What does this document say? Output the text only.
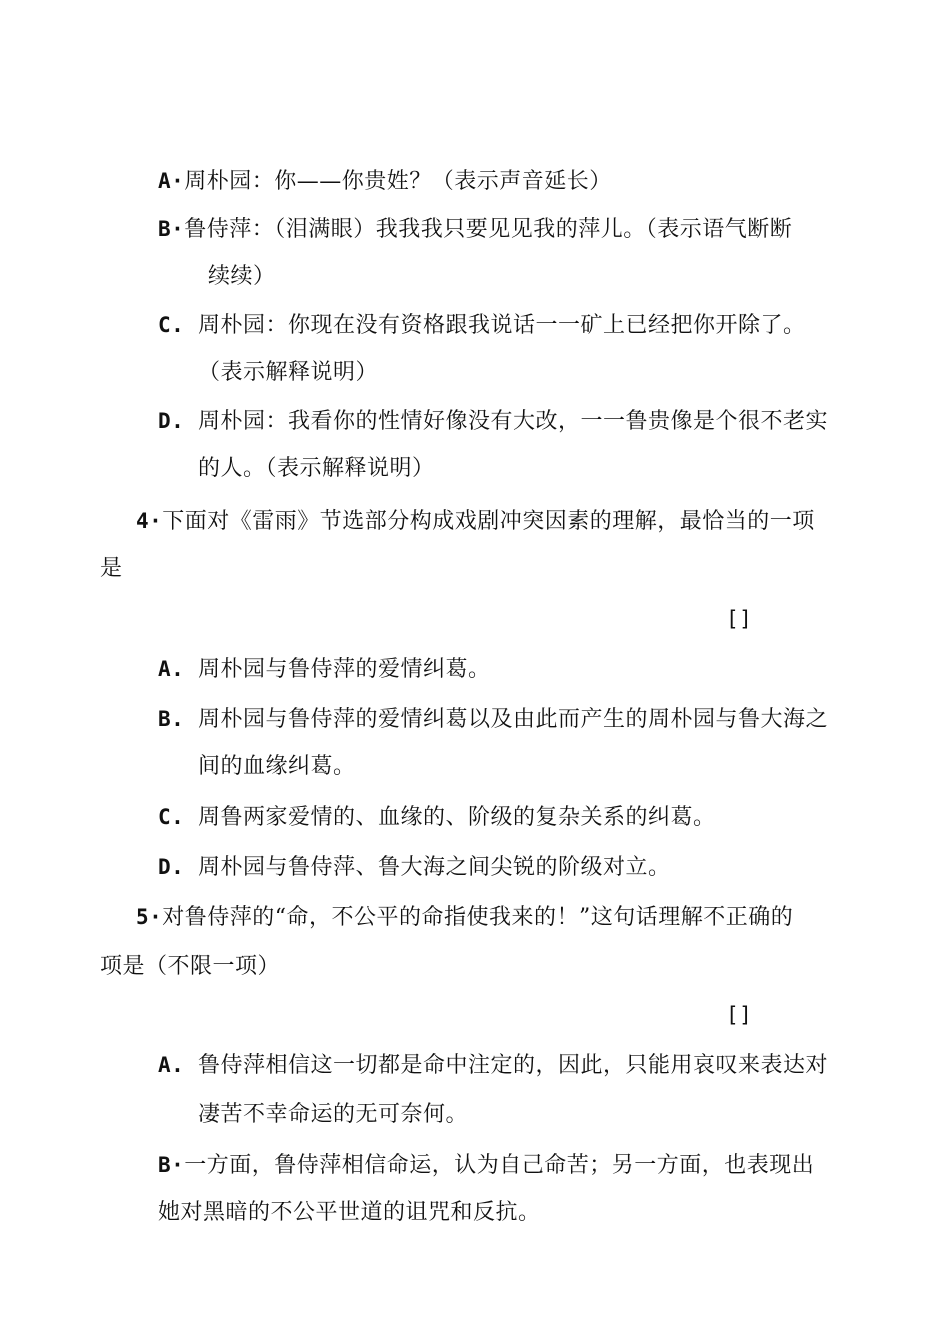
A·周朴园：你——你贵姓？（表示声音延长）
B·鲁侍萍：（泪满眼）我我我只要见见我的萍儿。（表示语气断断
续续）
C. 周朴园：你现在没有资格跟我说话一一矿上已经把你开除了。
（表示解释说明）
D. 周朴园：我看你的性情好像没有大改，一一鲁贵像是个很不老实
的人。（表示解释说明）
4·下面对《雷雨》节选部分构成戏剧冲突因素的理解，最恰当的一项
是
[]
A. 周朴园与鲁侍萍的爱情纠葛。
B. 周朴园与鲁侍萍的爱情纠葛以及由此而产生的周朴园与鲁大海之
间的血缘纠葛。
C. 周鲁两家爱情的、血缘的、阶级的复杂关系的纠葛。
D. 周朴园与鲁侍萍、鲁大海之间尖锐的阶级对立。
5·对鲁侍萍的“命，不公平的命指使我来的！”这句话理解不正确的
项是（不限一项）
[]
A. 鲁侍萍相信这一切都是命中注定的，因此，只能用哀叹来表达对
凄苦不幸命运的无可奈何。
B·一方面，鲁侍萍相信命运，认为自己命苦；另一方面，也表现出
她对黑暗的不公平世道的诅咒和反抗。
